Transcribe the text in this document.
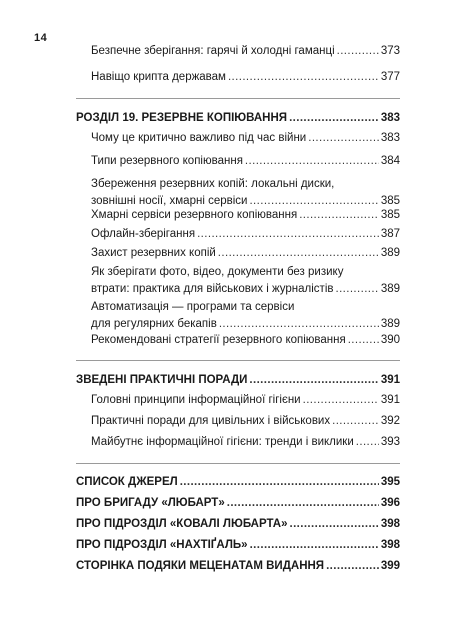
14
Безпечне зберігання: гарячі й холодні гаманці . . .	373
Навіщо крипта державам . . .	377
РОЗДІЛ 19. РЕЗЕРВНЕ КОПІЮВАННЯ . . .	383
Чому це критично важливо під час війни . . .	383
Типи резервного копіювання . . .	384
Збереження резервних копій: локальні диски,
зовнішні носії, хмарні сервіси . . .	385
Хмарні сервіси резервного копіювання . . .	385
Офлайн-зберігання . . .	387
Захист резервних копій . . .	389
Як зберігати фото, відео, документи без ризику
втрати: практика для військових і журналістів . . .	389
Автоматизація — програми та сервіси
для регулярних бекапів . . .	389
Рекомендовані стратегії резервного копіювання . . .	390
ЗВЕДЕНІ ПРАКТИЧНІ ПОРАДИ . . .	391
Головні принципи інформаційної гігієни . . .	391
Практичні поради для цивільних і військових . . .	392
Майбутнє інформаційної гігієни: тренди і виклики . . . 393
СПИСОК ДЖЕРЕЛ . . .	395
ПРО БРИГАДУ «ЛЮБАРТ» . . .	396
ПРО ПІДРОЗДІЛ «КОВАЛІ ЛЮБАРТА» . . .	398
ПРО ПІДРОЗДІЛ «НАХТІҐАЛЬ» . . .	398
СТОРІНКА ПОДЯКИ МЕЦЕНАТАМ ВИДАННЯ . . .	399
